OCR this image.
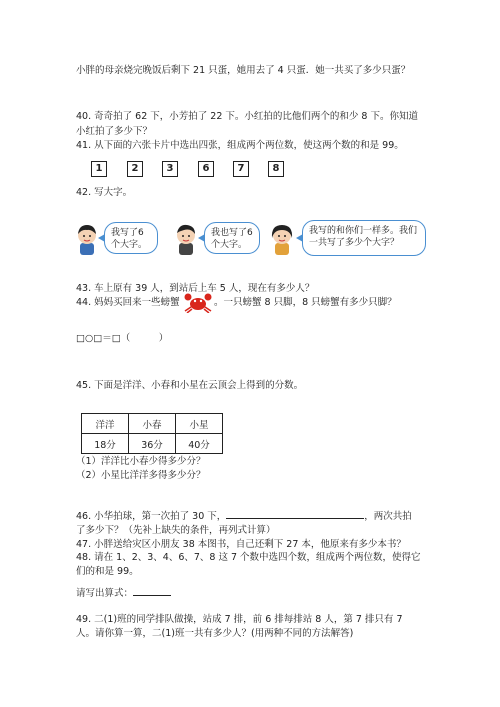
小胖的母亲烧完晚饭后剩下 21 只蛋，她用去了 4 只蛋．她一共买了多少只蛋？
40. 奇奇拍了 62 下，小芳拍了 22 下。小红拍的比他们两个的和少 8 下。你知道
小红拍了多少下？
41. 从下面的六张卡片中选出四张，组成两个两位数，使这两个数的和是 99。
1	2	3	6	7	8
42. 写大字。
我写了6个大字。
我也写了6个大字。
我写的和你们一样多。我们一共写了多少个大字？
43. 车上原有 39 人，到站后上车 5 人，现在有多少人？
44. 妈妈买回来一些螃蟹	。一只螃蟹 8 只脚，8 只螃蟹有多少只脚？
□○□＝□（　　　）
45. 下面是洋洋、小春和小星在云顶会上得到的分数。
洋洋	小春	小星
18分	36分	40分
（1）洋洋比小春少得多少分？
（2）小星比洋洋多得多少分？
46. 小华拍球，第一次拍了 30 下，	，两次共拍
了多少下？（先补上缺失的条件，再列式计算）
47. 小胖送给灾区小朋友 38 本图书，自己还剩下 27 本，他原来有多少本书？
48. 请在 1、2、3、4、6、7、8 这 7 个数中选四个数，组成两个两位数，使得它
们的和是 99。
请写出算式：
49. 二(1)班的同学排队做操，站成 7 排，前 6 排每排站 8 人，第 7 排只有 7
人。请你算一算，二(1)班一共有多少人？(用两种不同的方法解答)
